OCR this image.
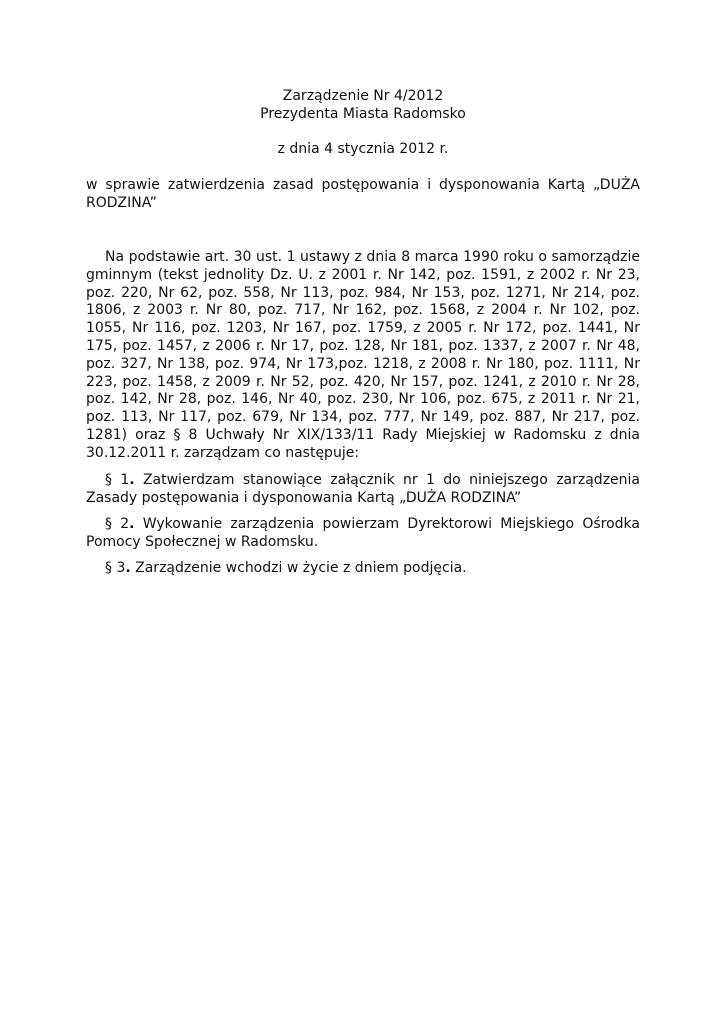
Zarządzenie Nr 4/2012
Prezydenta Miasta Radomsko
z dnia 4 stycznia 2012 r.
w sprawie zatwierdzenia zasad postępowania i dysponowania Kartą „DUŻA
RODZINA”
Na podstawie art. 30 ust. 1 ustawy z dnia 8 marca 1990 roku o samorządzie gminnym (tekst jednolity Dz. U. z 2001 r. Nr 142, poz. 1591, z 2002 r. Nr 23, poz. 220, Nr 62, poz. 558, Nr 113, poz. 984, Nr 153, poz. 1271, Nr 214, poz. 1806, z 2003 r. Nr 80, poz. 717, Nr 162, poz. 1568, z 2004 r. Nr 102, poz. 1055, Nr 116, poz. 1203, Nr 167, poz. 1759, z 2005 r. Nr 172, poz. 1441, Nr 175, poz. 1457, z 2006 r. Nr 17, poz. 128, Nr 181, poz. 1337, z 2007 r. Nr 48, poz. 327, Nr 138, poz. 974, Nr 173,poz. 1218, z 2008 r. Nr 180, poz. 1111, Nr 223, poz. 1458, z 2009 r. Nr 52, poz. 420, Nr 157, poz. 1241, z 2010 r. Nr 28, poz. 142, Nr 28, poz. 146, Nr 40, poz. 230, Nr 106, poz. 675, z 2011 r. Nr 21, poz. 113, Nr 117, poz. 679, Nr 134, poz. 777, Nr 149, poz. 887, Nr 217, poz. 1281) oraz § 8 Uchwały Nr XIX/133/11 Rady Miejskiej w Radomsku z dnia 30.12.2011 r. zarządzam co następuje:
§ 1. Zatwierdzam stanowiące załącznik nr 1 do niniejszego zarządzenia Zasady postępowania i dysponowania Kartą „DUŻA RODZINA”
§ 2. Wykowanie zarządzenia powierzam Dyrektorowi Miejskiego Ośrodka Pomocy Społecznej w Radomsku.
§ 3. Zarządzenie wchodzi w życie z dniem podjęcia.
